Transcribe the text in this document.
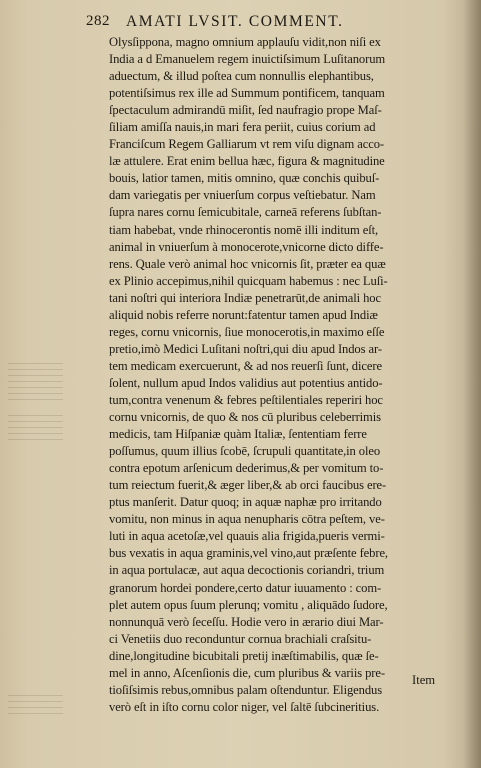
282 AMATI LVSIT. COMMENT.
Olysſippona, magno omnium applauſu vidit,non niſi ex
India a d Emanuelem regem inuictiſsimum Luſitanorum
aduectum, & illud poſtea cum nonnullis elephantibus,
potentiſsimus rex ille ad Summum pontificem, tanquam
ſpectaculum admirandū miſit, ſed naufragio prope Maſ-
ſiliam amiſſa nauis,in mari fera periit, cuius corium ad
Franciſcum Regem Galliarum vt rem viſu dignam acco-
læ attulere. Erat enim bellua hæc, figura & magnitudine
bouis, latior tamen, mitis omnino, quæ conchis quibuſ-
dam variegatis per vniuerſum corpus veſtiebatur. Nam
ſupra nares cornu ſemicubitale, carneā referens ſubſtan-
tiam habebat, vnde rhinocerontis nomē illi inditum eſt,
animal in vniuerſum à monocerote,vnicorne dicto diffe-
rens. Quale verò animal hoc vnicornis ſit, præter ea quæ
ex Plinio accepimus,nihil quicquam habemus : nec Luſi-
tani noſtri qui interiora Indiæ penetrarūt,de animali hoc
aliquid nobis referre norunt:fatentur tamen apud Indiæ
reges, cornu vnicornis, ſiue monocerotis,in maximo eſſe
pretio,imò Medici Luſitani noſtri,qui diu apud Indos ar-
tem medicam exercuerunt, & ad nos reuerſi ſunt, dicere
ſolent, nullum apud Indos validius aut potentius antido-
tum,contra venenum & febres peſtilentiales reperiri hoc
cornu vnicornis, de quo & nos cū pluribus celeberrimis
medicis, tam Hiſpaniæ quàm Italiæ, ſententiam ferre
poſſumus, quum illius ſcobē, ſcrupuli quantitate,in oleo
contra epotum arſenicum dederimus,& per vomitum to-
tum reiectum fuerit,& æger liber,& ab orci faucibus ere-
ptus manſerit. Datur quoq; in aquæ naphæ pro irritando
vomitu, non minus in aqua nenupharis cōtra peſtem, ve-
luti in aqua acetoſæ,vel quauis alia frigida,pueris vermi-
bus vexatis in aqua graminis,vel vino,aut præſente febre,
in aqua portulacæ, aut aqua decoctionis coriandri, trium
granorum hordei pondere,certo datur iuuamento : com-
plet autem opus ſuum plerunq; vomitu , aliquādo ſudore,
nonnunquā verò ſeceſſu. Hodie vero in ærario diui Mar-
ci Venetiis duo reconduntur cornua brachiali craſsitu-
dine,longitudine bicubitali pretij inæſtimabilis, quæ ſe-
mel in anno, Aſcenſionis die, cum pluribus & variis pre-
tioſiſsimis rebus,omnibus palam oſtenduntur. Eligendus
verò eſt in iſto cornu color niger, vel ſaltē ſubcineritius.
Item
